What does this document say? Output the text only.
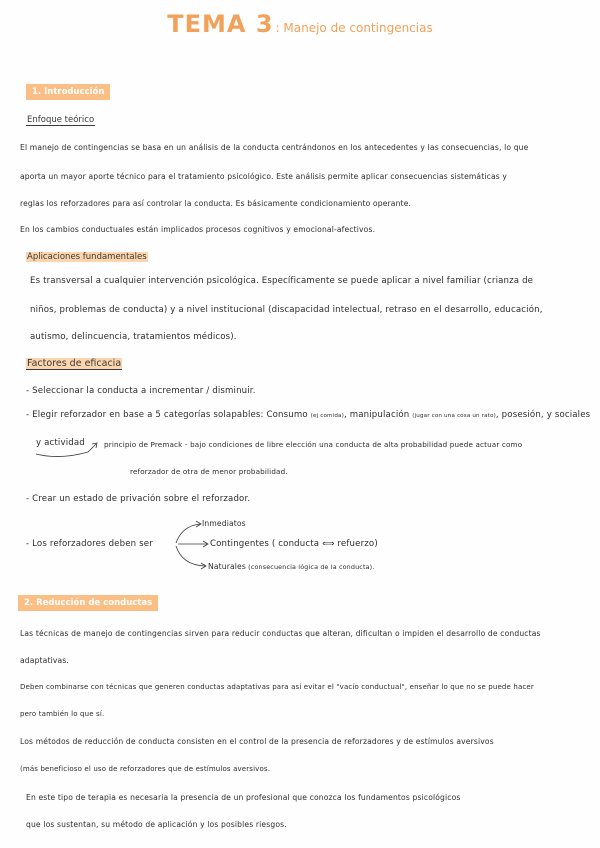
TEMA 3 : Manejo de contingencias
1. Introducción
Enfoque teórico
El manejo de contingencias se basa en un análisis de la conducta centrándonos en los antecedentes y las consecuencias, lo que
aporta un mayor aporte técnico para el tratamiento psicológico. Este análisis permite aplicar consecuencias sistemáticas y
reglas los reforzadores para así controlar la conducta. Es básicamente condicionamiento operante.
En los cambios conductuales están implicados procesos cognitivos y emocional-afectivos.
Aplicaciones fundamentales
Es transversal a cualquier intervención psicológica. Específicamente se puede aplicar a nivel familiar (crianza de
niños, problemas de conducta) y a nivel institucional (discapacidad intelectual, retraso en el desarrollo, educación,
autismo, delincuencia, tratamientos médicos).
Factores de eficacia
- Seleccionar la conducta a incrementar / disminuir.
- Elegir reforzador en base a 5 categorías solapables: Consumo (ej comida), manipulación (jugar con una cosa un rato), posesión, y sociales
y actividad	principio de Premack - bajo condiciones de libre elección una conducta de alta probabilidad puede actuar como
reforzador de otra de menor probabilidad.
- Crear un estado de privación sobre el reforzador.
- Los reforzadores deben ser
Inmediatos
Contingentes ( conducta ⟺ refuerzo)
Naturales (consecuencia lógica de la conducta).
2. Reducción de conductas
Las técnicas de manejo de contingencias sirven para reducir conductas que alteran, dificultan o impiden el desarrollo de conductas
adaptativas.
Deben combinarse con técnicas que generen conductas adaptativas para así evitar el "vacío conductual", enseñar lo que no se puede hacer
pero también lo que sí.
Los métodos de reducción de conducta consisten en el control de la presencia de reforzadores y de estímulos aversivos
(más beneficioso el uso de reforzadores que de estímulos aversivos.
En este tipo de terapia es necesaria la presencia de un profesional que conozca los fundamentos psicológicos
que los sustentan, su método de aplicación y los posibles riesgos.
